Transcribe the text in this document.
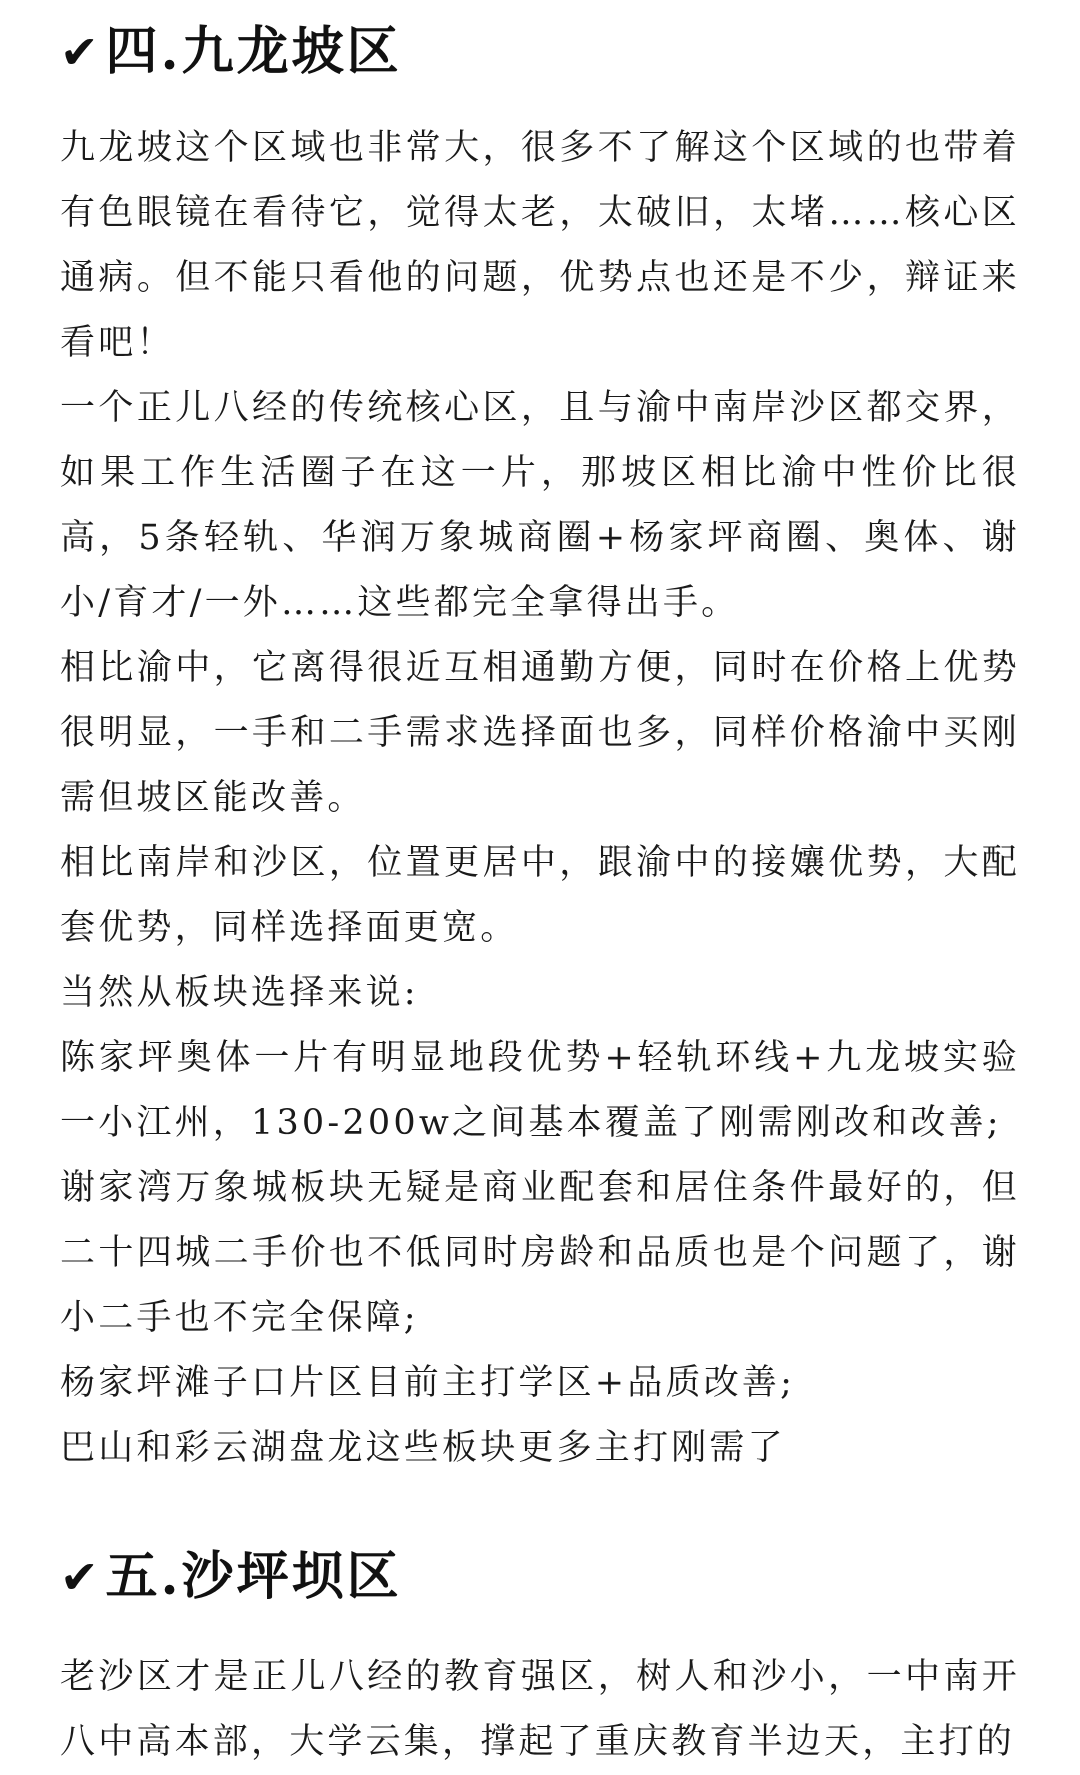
✔ 四.九龙坡区

九龙坡这个区域也非常大，很多不了解这个区域的也带着有色眼镜在看待它，觉得太老，太破旧，太堵……核心区通病。但不能只看他的问题，优势点也还是不少，辩证来看吧！

一个正儿八经的传统核心区，且与渝中南岸沙区都交界，如果工作生活圈子在这一片，那坡区相比渝中性价比很高，5条轻轨、华润万象城商圈+杨家坪商圈、奥体、谢小/育才/一外……这些都完全拿得出手。

相比渝中，它离得很近互相通勤方便，同时在价格上优势很明显，一手和二手需求选择面也多，同样价格渝中买刚需但坡区能改善。

相比南岸和沙区，位置更居中，跟渝中的接孃优势，大配套优势，同样选择面更宽。

当然从板块选择来说:

陈家坪奥体一片有明显地段优势+轻轨环线+九龙坡实验一小江州，130-200w之间基本覆盖了刚需刚改和改善;

谢家湾万象城板块无疑是商业配套和居住条件最好的，但二十四城二手价也不低同时房龄和品质也是个问题了，谢小二手也不完全保障;

杨家坪滩子口片区目前主打学区+品质改善;

巴山和彩云湖盘龙这些板块更多主打刚需了

✔ 五.沙坪坝区

老沙区才是正儿八经的教育强区，树人和沙小，一中南开八中高本部，大学云集，撑起了重庆教育半边天，主打的
